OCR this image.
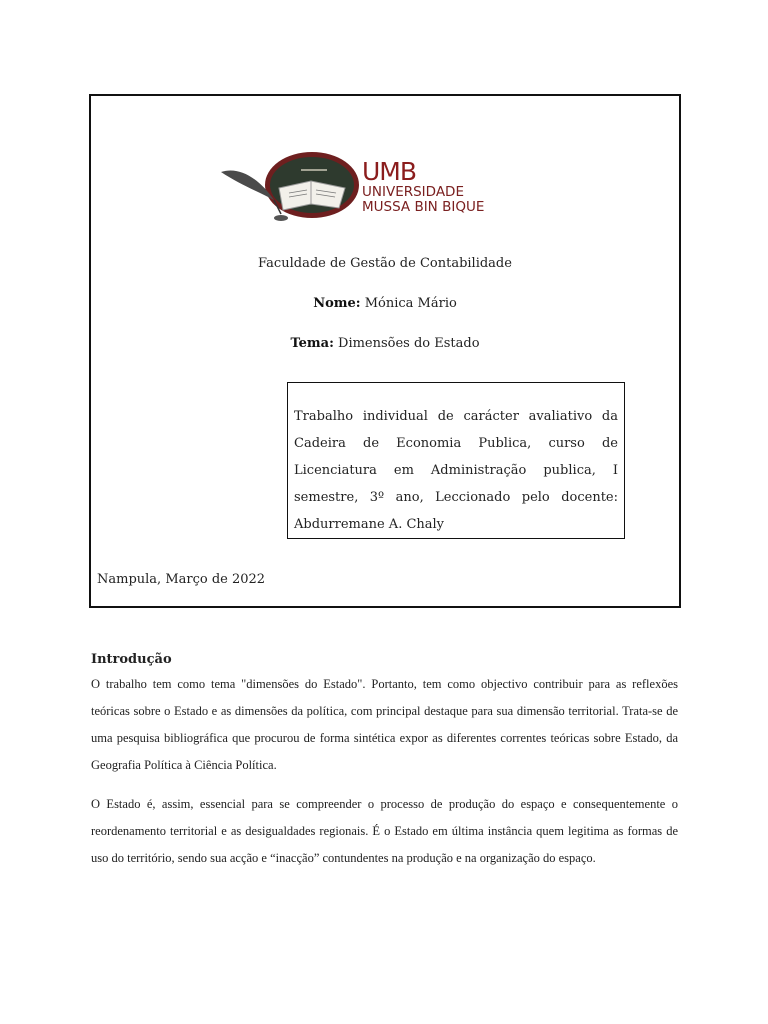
UMB
UNIVERSIDADE
MUSSA BIN BIQUE
Faculdade de Gestão de Contabilidade
Nome: Mónica Mário
Tema: Dimensões do Estado

Trabalho individual de carácter avaliativo da Cadeira de Economia Publica, curso de Licenciatura em Administração publica, I semestre, 3º ano, Leccionado pelo docente: Abdurremane A. Chaly

Nampula, Março de 2022
Introdução

O trabalho tem como tema "dimensões do Estado". Portanto, tem como objectivo contribuir para as reflexões teóricas sobre o Estado e as dimensões da política, com principal destaque para sua dimensão territorial. Trata-se de uma pesquisa bibliográfica que procurou de forma sintética expor as diferentes correntes teóricas sobre Estado, da Geografia Política à Ciência Política.

O Estado é, assim, essencial para se compreender o processo de produção do espaço e consequentemente o reordenamento territorial e as desigualdades regionais. É o Estado em última instância quem legitima as formas de uso do território, sendo sua acção e “inacção” contundentes na produção e na organização do espaço.
